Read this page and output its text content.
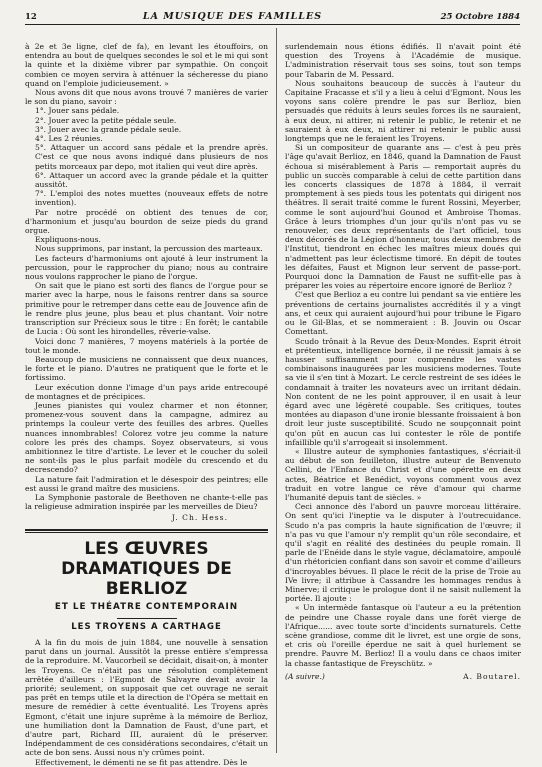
12	LA MUSIQUE DES FAMILLES	25 Octobre 1884

à 2e et 3e ligne, clef de fa), en levant les étouffoirs, on entendra au bout de quelques secondes le sol et le mi qui sont la quinte et la dixième vibrer par sympathie. On conçoit combien ce moyen servira à atténuer la sécheresse du piano quand on l'emploie judicieusement. »

Nous avons dit que nous avons trouvé 7 manières de varier le son du piano, savoir :

1°. Jouer sans pédale.
2°. Jouer avec la petite pédale seule.
3°. Jouer avec la grande pédale seule.
4°. Les 2 réunies.
5°. Attaquer un accord sans pédale et la prendre après. C'est ce que nous avons indiqué dans plusieurs de nos petits morceaux par depo, mot italien qui veut dire après.
6°. Attaquer un accord avec la grande pédale et la quitter aussitôt.
7°. L'emploi des notes muettes (nouveaux effets de notre invention).

Par notre procédé on obtient des tenues de cor, d'harmonium et jusqu'au bourdon de seize pieds du grand orgue.

Expliquons-nous.

Nous supprimons, par instant, la percussion des marteaux.

Les facteurs d'harmoniums ont ajouté à leur instrument la percussion, pour le rapprocher du piano; nous au contraire nous voulons rapprocher le piano de l'orgue.

On sait que le piano est sorti des flancs de l'orgue pour se marier avec la harpe, nous le faisons rentrer dans sa source primitive pour le retremper dans cette eau de Jouvence afin de le rendre plus jeune, plus beau et plus chantant. Voir notre transcription sur Précieux sous le titre : En forêt; le cantabile de Lucia : Où sont les hirondelles, rêverie-valse.

Voici donc 7 manières, 7 moyens matériels à la portée de tout le monde.

Beaucoup de musiciens ne connaissent que deux nuances, le forte et le piano. D'autres ne pratiquent que le forte et le fortissimo.

Leur exécution donne l'image d'un pays aride entrecoupé de montagnes et de précipices.

Jeunes pianistes qui voulez charmer et non étonner, promenez-vous souvent dans la campagne, admirez au printemps la couleur verte des feuilles des arbres. Quelles nuances innombrables! Colorez votre jeu comme la nature colore les prés des champs. Soyez observateurs, si vous ambitionnez le titre d'artiste. Le lever et le coucher du soleil ne sont-ils pas le plus parfait modèle du crescendo et du decrescendo?

La nature fait l'admiration et le désespoir des peintres; elle est aussi le grand maître des musiciens.

La Symphonie pastorale de Beethoven ne chante-t-elle pas la religieuse admiration inspirée par les merveilles de Dieu?

J. Ch. Hess.
LES ŒUVRES DRAMATIQUES DE BERLIOZ
ET LE THÉATRE CONTEMPORAIN
LES TROYENS A CARTHAGE

A la fin du mois de juin 1884, une nouvelle à sensation parut dans un journal. Aussitôt la presse entière s'empressa de la reproduire. M. Vaucorbeil se décidait, disait-on, à monter les Troyens. Ce n'était pas une résolution complètement arrêtée d'ailleurs : l'Egmont de Salvayre devait avoir la priorité; seulement, on supposait que cet ouvrage ne serait pas prêt en temps utile et la direction de l'Opéra se mettait en mesure de remédier à cette éventualité. Les Troyens après Egmont, c'était une injure suprême à la mémoire de Berlioz, une humiliation dont la Damnation de Faust, d'une part, et d'autre part, Richard III, auraient dû le préserver. Indépendamment de ces considérations secondaires, c'était un acte de bon sens. Aussi nous n'y crûmes point.

Effectivement, le démenti ne se fit pas attendre. Dès le

surlendemain nous étions édifiés. Il n'avait point été question des Troyens à l'Académie de musique. L'administration réservait tous ses soins, tout son temps pour Tabarin de M. Pessard.

Nous souhaitons beaucoup de succès à l'auteur du Capitaine Fracasse et s'il y a lieu à celui d'Egmont. Nous les voyons sans colère prendre le pas sur Berlioz, bien persuadés que réduits à leurs seules forces ils ne sauraient, à eux deux, ni attirer, ni retenir le public, le retenir et ne sauraient à eux deux, ni attirer ni retenir le public aussi longtemps que ne le feraient les Troyens.

Si un compositeur de quarante ans — c'est à peu près l'âge qu'avait Berlioz, en 1846, quand la Damnation de Faust échoua si misérablement à Paris — remportait auprès du public un succès comparable à celui de cette partition dans les concerts classiques de 1878 à 1884, il verrait promptement à ses pieds tous les potentats qui dirigent nos théâtres. Il serait traité comme le furent Rossini, Meyerber, comme le sont aujourd'hui Gounod et Ambroise Thomas. Grâce à leurs triomphes d'un jour qu'ils n'ont pas vu se renouveler, ces deux représentants de l'art officiel, tous deux décorés de la Légion d'honneur, tous deux membres de l'Institut, tiendront en échec les maîtres mieux doués qui n'admettent pas leur éclectisme timoré. En dépit de toutes les défaites, Faust et Mignon leur servent de passe-port. Pourquoi donc la Damnation de Faust ne suffit-elle pas à préparer les voies au répertoire encore ignoré de Berlioz ?

C'est que Berlioz a eu contre lui pendant sa vie entière les préventions de certains journalistes accrédités il y a vingt ans, et ceux qui auraient aujourd'hui pour tribune le Figaro ou le Gil-Blas, et se nommeraient : B. Jouvin ou Oscar Comettant.

Scudo trônait à la Revue des Deux-Mondes. Esprit étroit et prétentieux, intelligence bornée, il ne réussit jamais à se hausser suffisamment pour comprendre les vastes combinaisons inaugurées par les musiciens modernes. Toute sa vie il s'en tint à Mozart. Le cercle restreint de ses idées le condamnait à traiter les novateurs avec un irritant dédain. Non content de ne les point approuver, il en usait à leur égard avec une légèreté coupable. Ses critiques, toutes montées au diapason d'une ironie blessante froissaient à bon droit leur juste susceptibilité. Scudo ne soupçonnait point qu'on pût en aucun cas lui contester le rôle de pontife infaillible qu'il s'arrogeait si insolemment.

« Illustre auteur de symphonies fantastiques, s'écriait-il au début de son feuilleton, illustre auteur de Benvenuto Cellini, de l'Enfance du Christ et d'une opérette en deux actes, Béatrice et Benédict, voyons comment vous avez traduit en votre langue ce rêve d'amour qui charme l'humanité depuis tant de siècles. »

Ceci annonce dès l'abord un pauvre morceau littéraire. On sent qu'ici l'ineptie va le disputer à l'outrecuidance. Scudo n'a pas compris la haute signification de l'œuvre; il n'a pas vu que l'amour n'y remplit qu'un rôle secondaire, et qu'il s'agit en réalité des destinées du peuple romain. Il parle de l'Enéide dans le style vague, déclamatoire, ampoulé d'un rhétoricien confiant dans son savoir et comme d'ailleurs d'incroyables bévues. Il place le récit de la prise de Troie au IVe livre; il attribue à Cassandre les hommages rendus à Minerve; il critique le prologue dont il ne saisit nullement la portée. Il ajoute :

« Un intermède fantasque où l'auteur a eu la prétention de peindre une Chasse royale dans une forêt vierge de l'Afrique...... avec toute sorte d'incidents surnaturels. Cette scène grandiose, comme dit le livret, est une orgie de sons, et cris où l'oreille éperdue ne sait à quel hurlement se prendre. Pauvre M. Berlioz! Il a voulu dans ce chaos imiter la chasse fantastique de Freyschütz. »

(A suivre.)	A. Boutarel.
